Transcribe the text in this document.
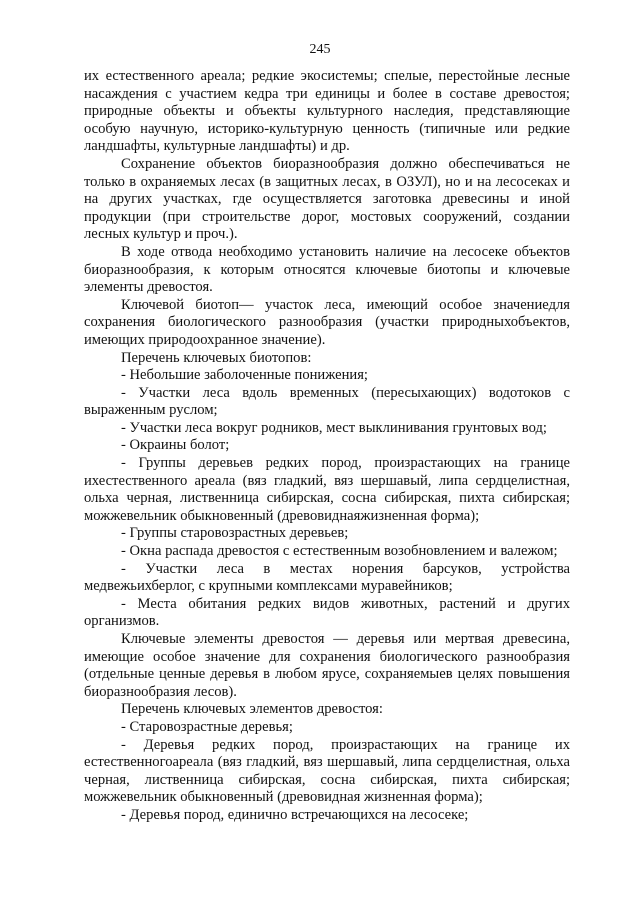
245

их естественного ареала; редкие экосистемы; спелые, перестойные лесные насаждения с участием кедра три единицы и более в составе древостоя; природные объекты и объекты культурного наследия, представляющие особую научную, историко-культурную ценность (типичные или редкие ландшафты, культурные ландшафты) и др.

Сохранение объектов биоразнообразия должно обеспечиваться не только в охраняемых лесах (в защитных лесах, в ОЗУЛ), но и на лесосеках и на других участках, где осуществляется заготовка древесины и иной продукции (при строительстве дорог, мостовых сооружений, создании лесных культур и проч.).

В ходе отвода необходимо установить наличие на лесосеке объектов биоразнообразия, к которым относятся ключевые биотопы и ключевые элементы древостоя.

Ключевой биотоп— участок леса, имеющий особое значениедля сохранения биологического разнообразия (участки природныхобъектов, имеющих природоохранное значение).

Перечень ключевых биотопов:

- Небольшие заболоченные понижения;

- Участки леса вдоль временных (пересыхающих) водотоков с выраженным руслом;

- Участки леса вокруг родников, мест выклинивания грунтовых вод;

- Окраины болот;

- Группы деревьев редких пород, произрастающих на границе ихестественного ареала (вяз гладкий, вяз шершавый, липа сердцелистная, ольха черная, лиственница сибирская, сосна сибирская, пихта сибирская; можжевельник обыкновенный (древовиднаяжизненная форма);

- Группы старовозрастных деревьев;

- Окна распада древостоя с естественным возобновлением и валежом;

- Участки леса в местах норения барсуков, устройства медвежьихберлог, с крупными комплексами муравейников;

- Места обитания редких видов животных, растений и других организмов.

Ключевые элементы древостоя — деревья или мертвая древесина, имеющие особое значение для сохранения биологического разнообразия (отдельные ценные деревья в любом ярусе, сохраняемыев целях повышения биоразнообразия лесов).

Перечень ключевых элементов древостоя:

- Старовозрастные деревья;

- Деревья редких пород, произрастающих на границе их естественногоареала (вяз гладкий, вяз шершавый, липа сердцелистная, ольха черная, лиственница сибирская, сосна сибирская, пихта сибирская; можжевельник обыкновенный (древовидная жизненная форма);

- Деревья пород, единично встречающихся на лесосеке;
